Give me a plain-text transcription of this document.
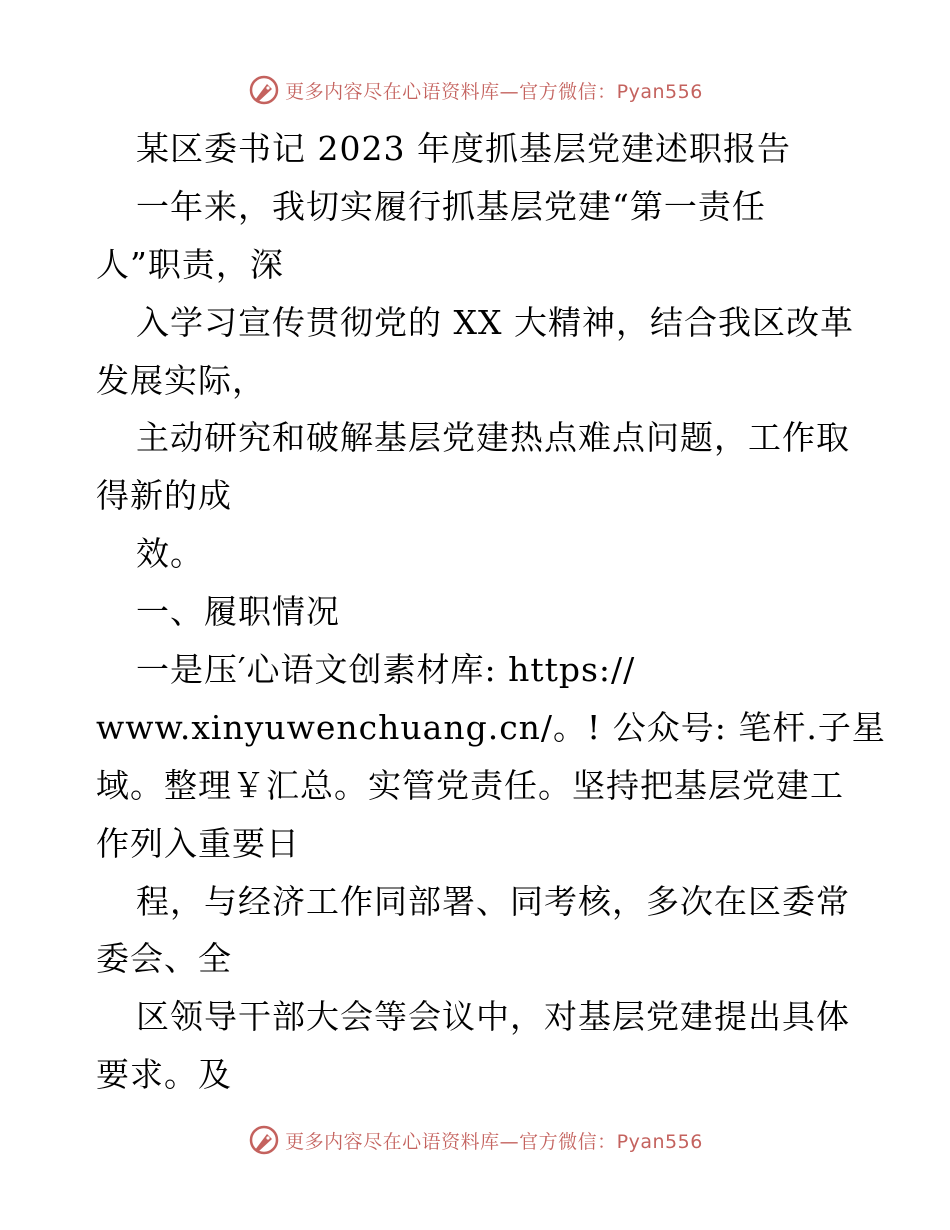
更多内容尽在心语资料库—官方微信：Pyan556
某区委书记 2023 年度抓基层党建述职报告
一年来，我切实履行抓基层党建“第一责任
人”职责，深
入学习宣传贯彻党的 XX 大精神，结合我区改革
发展实际，
主动研究和破解基层党建热点难点问题，工作取
得新的成
效。
一、履职情况
一是压′心语文创素材库: https://
www.xinyuwenchuang.cn/。! 公众号: 笔杆.子星
域。整理￥汇总。实管党责任。坚持把基层党建工
作列入重要日
程，与经济工作同部署、同考核，多次在区委常
委会、全
区领导干部大会等会议中，对基层党建提出具体
要求。及
更多内容尽在心语资料库—官方微信：Pyan556
